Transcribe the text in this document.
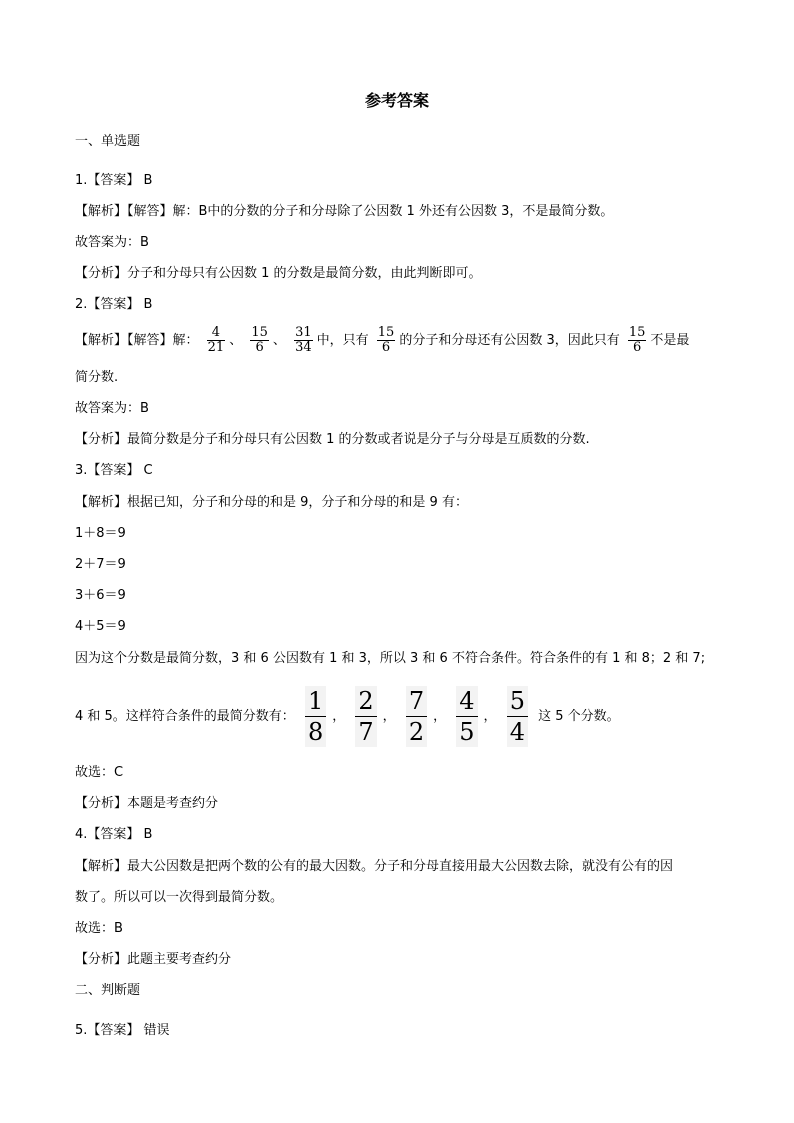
参考答案
一、单选题
1.【答案】 B
【解析】【解答】解：B中的分数的分子和分母除了公因数 1 外还有公因数 3，不是最简分数。
故答案为：B
【分析】分子和分母只有公因数 1 的分数是最简分数，由此判断即可。
2.【答案】 B
【解析】【解答】解： $\frac{4}{21}$ 、 $\frac{15}{6}$ 、 $\frac{31}{34}$ 中，只有 $\frac{15}{6}$ 的分子和分母还有公因数 3，因此只有 $\frac{15}{6}$ 不是最
简分数.
故答案为：B
【分析】最简分数是分子和分母只有公因数 1 的分数或者说是分子与分母是互质数的分数.
3.【答案】 C
【解析】根据已知，分子和分母的和是 9，分子和分母的和是 9 有：
1＋8＝9
2＋7＝9
3＋6＝9
4＋5＝9
因为这个分数是最简分数，3 和 6 公因数有 1 和 3，所以 3 和 6 不符合条件。符合条件的有 1 和 8；2 和 7;
4 和 5。这样符合条件的最简分数有： $\frac{1}{8}$ ， $\frac{2}{7}$ ， $\frac{7}{2}$ ， $\frac{4}{5}$ ， $\frac{5}{4}$ 这 5 个分数。
故选：C
【分析】本题是考查约分
4.【答案】 B
【解析】最大公因数是把两个数的公有的最大因数。分子和分母直接用最大公因数去除，就没有公有的因
数了。所以可以一次得到最简分数。
故选：B
【分析】此题主要考查约分
二、判断题
5.【答案】 错误
